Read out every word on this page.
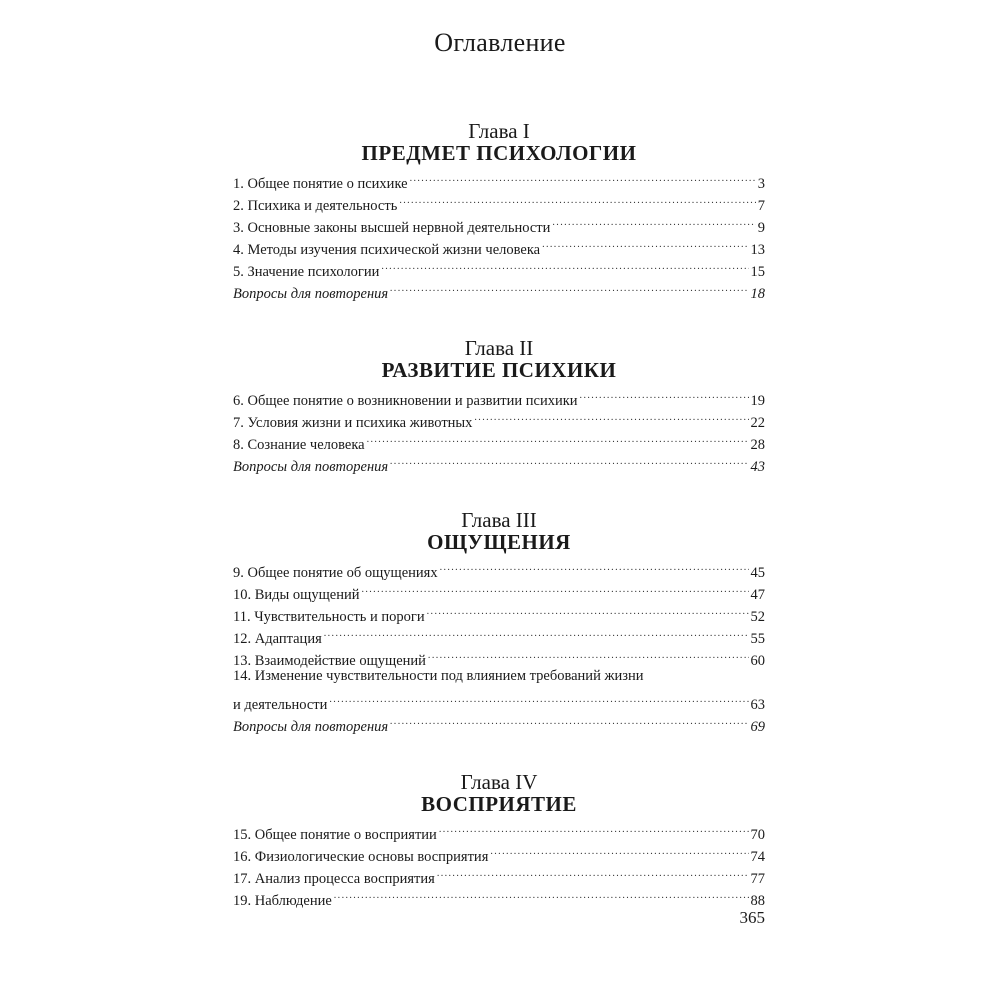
Оглавление
Глава I
ПРЕДМЕТ ПСИХОЛОГИИ
1. Общее понятие о психике .....	3
2. Психика и деятельность .....	7
3. Основные законы высшей нервной деятельности .....	9
4. Методы изучения психической жизни человека .....	13
5. Значение психологии .....	15
Вопросы для повторения .....	18
Глава II
РАЗВИТИЕ ПСИХИКИ
6. Общее понятие о возникновении и развитии психики .....	19
7. Условия жизни и психика животных .....	22
8. Сознание человека .....	28
Вопросы для повторения .....	43
Глава III
ОЩУЩЕНИЯ
9. Общее понятие об ощущениях .....	45
10. Виды ощущений .....	47
11. Чувствительность и пороги .....	52
12. Адаптация .....	55
13. Взаимодействие ощущений .....	60
14. Изменение чувствительности под влиянием требований жизни
и деятельности .....	63
Вопросы для повторения .....	69
Глава IV
ВОСПРИЯТИЕ
15. Общее понятие о восприятии .....	70
16. Физиологические основы восприятия .....	74
17. Анализ процесса восприятия .....	77
19. Наблюдение .....	88
365
